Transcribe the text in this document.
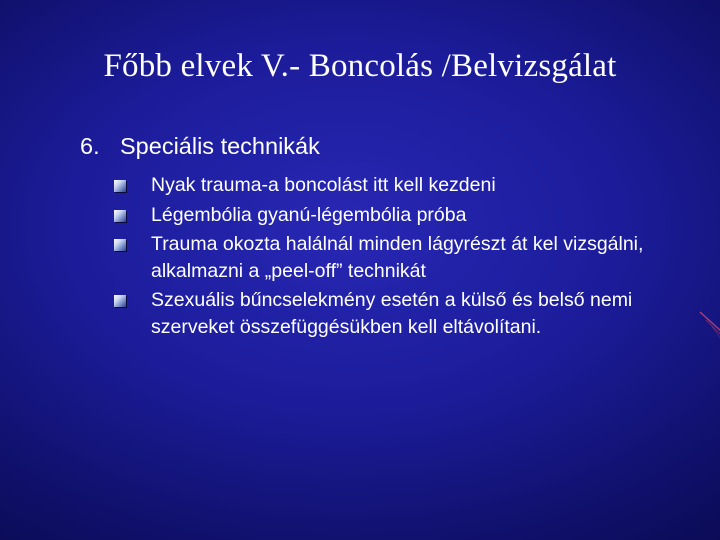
Főbb elvek V.- Boncolás /Belvizsgálat
6. Speciális technikák
Nyak trauma-a boncolást itt kell kezdeni
Légembólia gyanú-légembólia próba
Trauma okozta halálnál minden lágyrészt át kel vizsgálni, alkalmazni a „peel-off” technikát
Szexuális bűncselekmény esetén a külső és belső nemi szerveket összefüggésükben kell eltávolítani.
